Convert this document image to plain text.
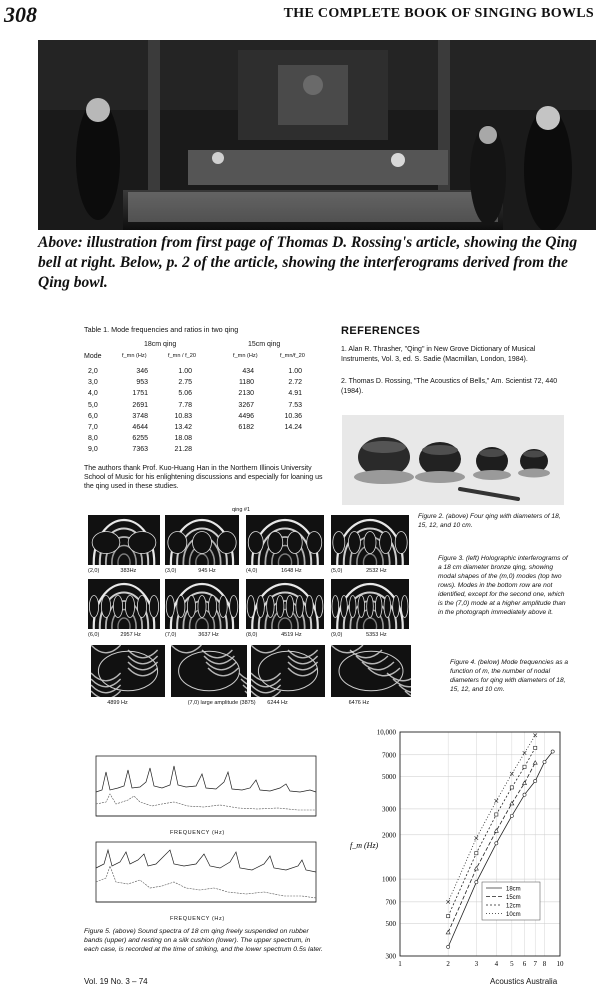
308	THE COMPLETE BOOK OF SINGING BOWLS
Above: illustration from first page of Thomas D. Rossing's article, showing the Qing bell at right. Below, p. 2 of the article, showing the interferograms derived from the Qing bowl.
Table 1. Mode frequencies and ratios in two qing
18cm qing	15cm qing
Mode	f_mn (Hz)	f_mn / f_20	f_mn (Hz)	f_mn/f_20
2,0	346	1.00	434	1.00
3,0	953	2.75	1180	2.72
4,0	1751	5.06	2130	4.91
5,0	2691	7.78	3267	7.53
6,0	3748	10.83	4496	10.36
7,0	4644	13.42	6182	14.24
8,0	6255	18.08
9,0	7363	21.28
REFERENCES
1. Alan R. Thrasher, "Qing" in New Grove Dictionary of Musical Instruments, Vol. 3, ed. S. Sadie (Macmillan, London, 1984).
2. Thomas D. Rossing, "The Acoustics of Bells," Am. Scientist 72, 440 (1984).
The authors thank Prof. Kuo-Huang Han in the Northern Illinois University School of Music for his enlightening discussions and especially for loaning us the qing used in these studies.
Figure 2. (above) Four qing with diameters of 18, 15, 12, and 10 cm.
Figure 3. (left) Holographic interferograms of a 18 cm diameter bronze qing, showing modal shapes of the (m,0) modes (top two rows). Modes in the bottom row are not identified, except for the second one, which is the (7,0) mode at a higher amplitude than in the photograph immediately above it.
Figure 4. (below) Mode frequencies as a function of m, the number of nodal diameters for qing with diameters of 18, 15, 12, and 10 cm.
qing #1
(2,0)	383Hz	(3,0)	945 Hz	(4,0)	1648 Hz	(5,0)	2532 Hz
(6,0)	2957 Hz	(7,0)	3637 Hz	(8,0)	4519 Hz	(9,0)	5353 Hz
4899 Hz	(7,0) large amplitude (3875) 6244 Hz	6476 Hz
FREQUENCY (Hz)
FREQUENCY (Hz)
Figure 5. (above) Sound spectra of 18 cm qing freely suspended on rubber bands (upper) and resting on a silk cushion (lower). The upper spectrum, in each case, is recorded at the time of striking, and the lower spectrum 0.5s later.
10,000
7000
5000
3000
2000
1000
700
500
300
1	2	3 4 5 6 7 8 10
18cm
15cm
12cm
10cm
f_m (Hz)
Vol. 19 No. 3 – 74	Acoustics Australia
